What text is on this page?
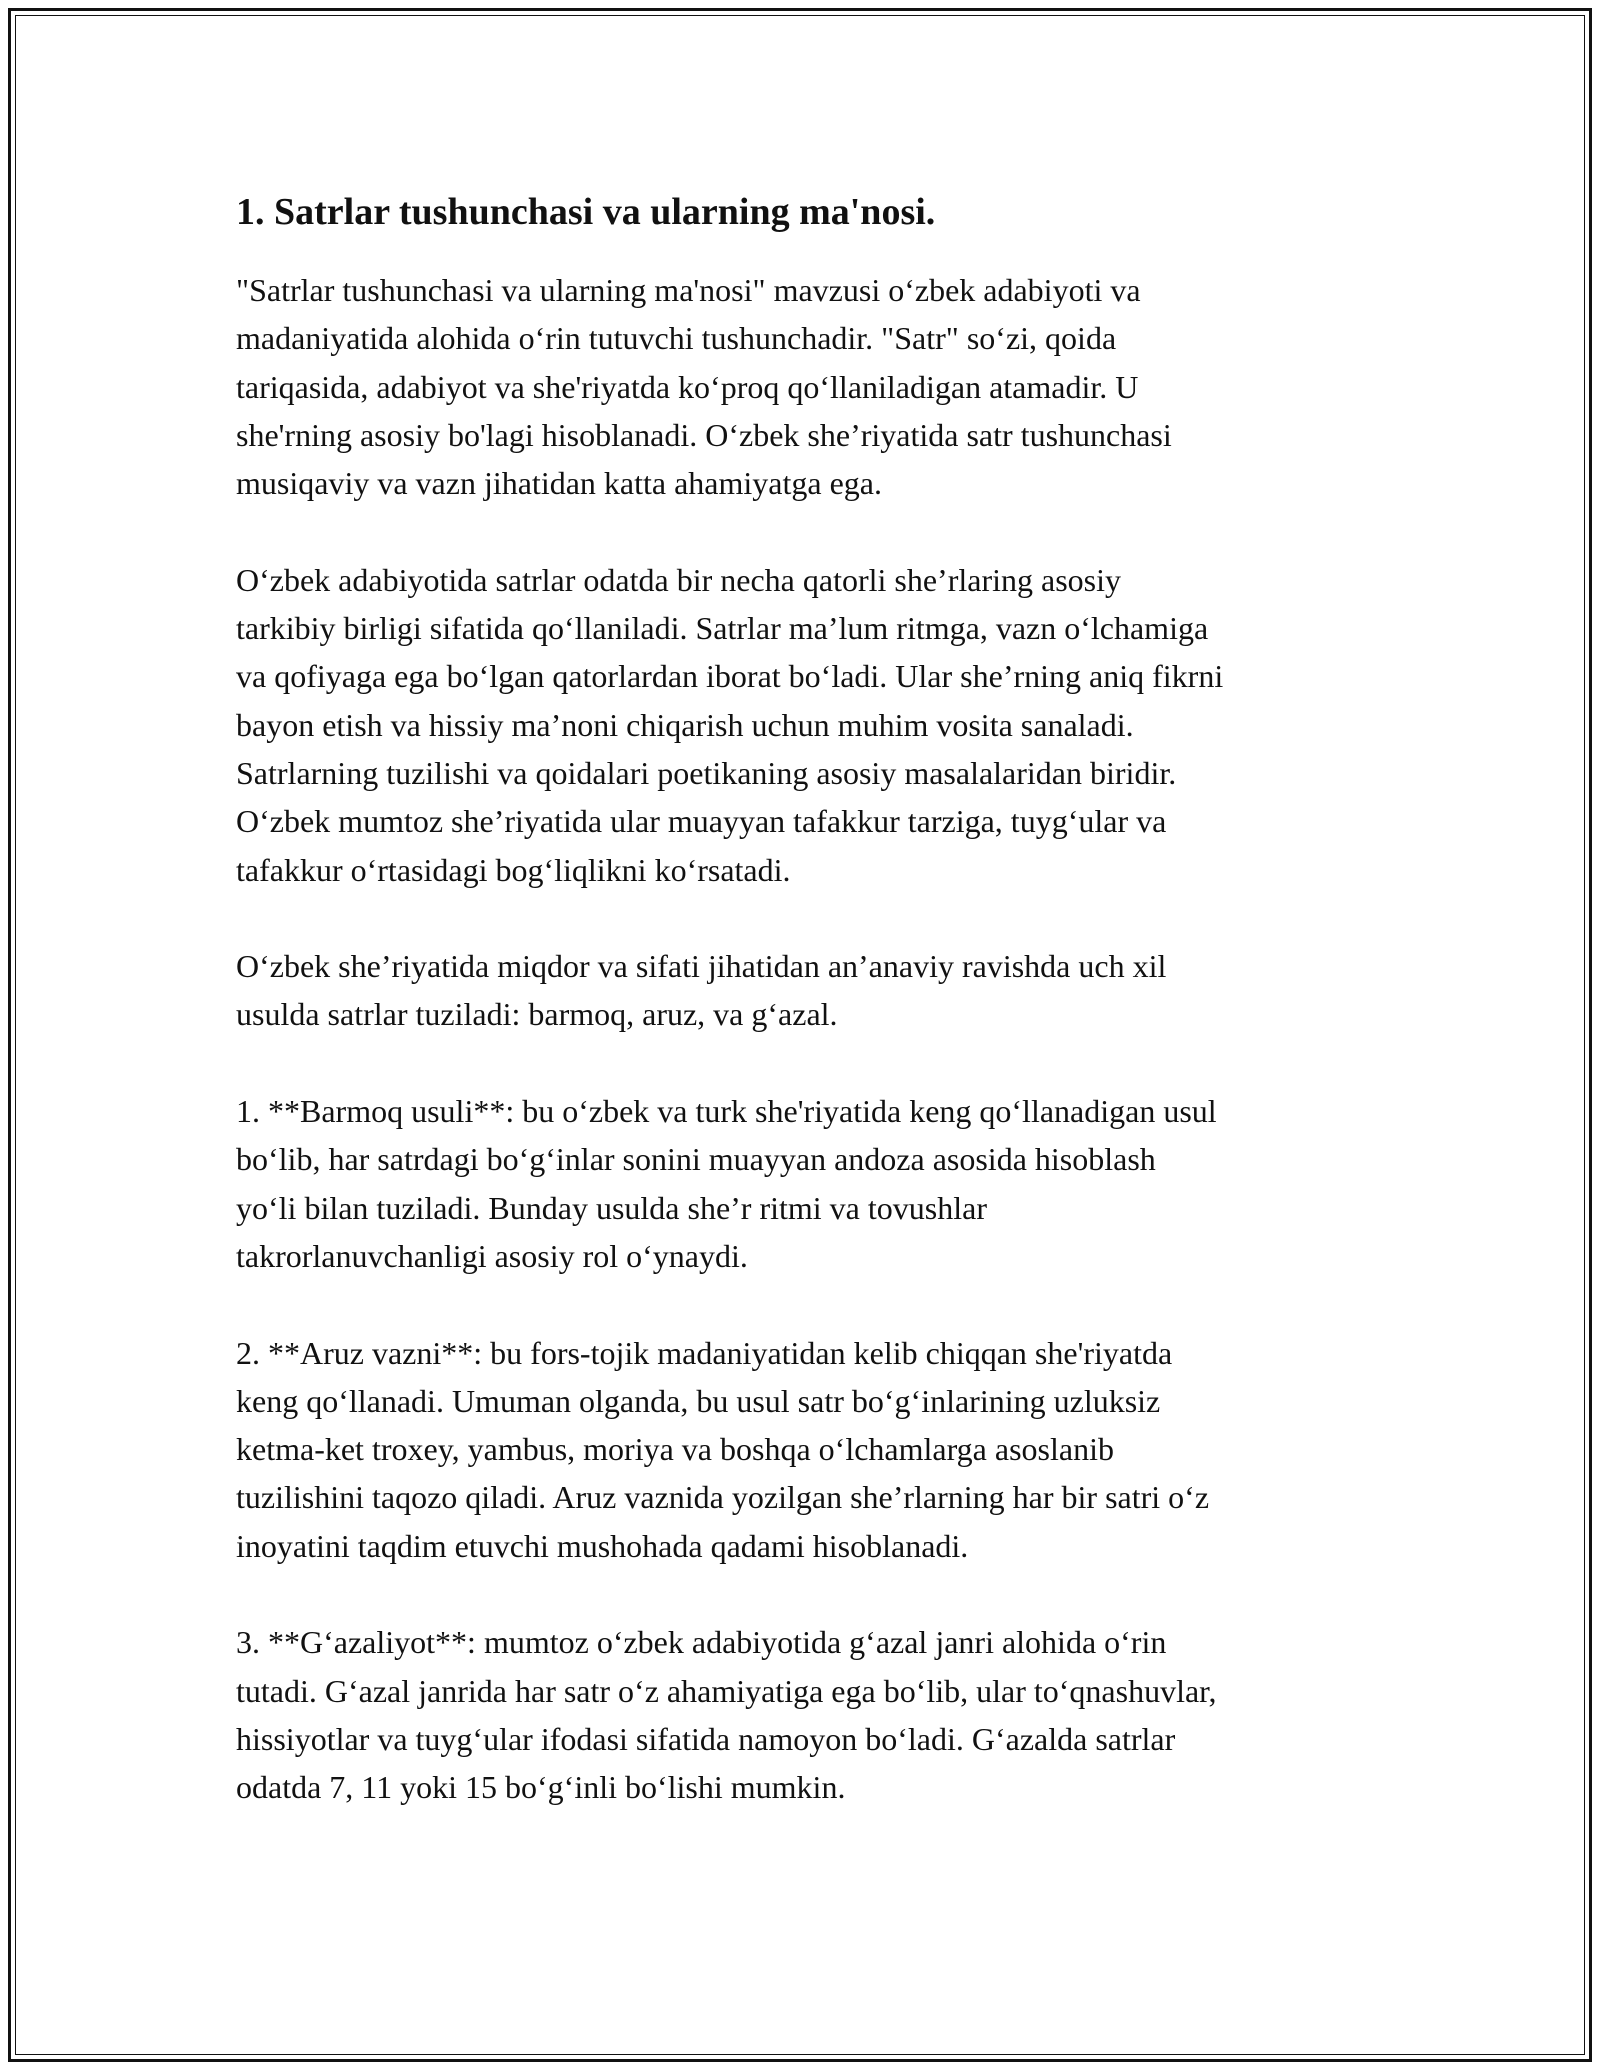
1. Satrlar tushunchasi va ularning ma'nosi.

"Satrlar tushunchasi va ularning ma'nosi" mavzusi o‘zbek adabiyoti va
madaniyatida alohida o‘rin tutuvchi tushunchadir. "Satr" so‘zi, qoida
tariqasida, adabiyot va she'riyatda ko‘proq qo‘llaniladigan atamadir. U
she'rning asosiy bo'lagi hisoblanadi. O‘zbek she’riyatida satr tushunchasi
musiqaviy va vazn jihatidan katta ahamiyatga ega.

O‘zbek adabiyotida satrlar odatda bir necha qatorli she’rlaring asosiy
tarkibiy birligi sifatida qo‘llaniladi. Satrlar ma’lum ritmga, vazn o‘lchamiga
va qofiyaga ega bo‘lgan qatorlardan iborat bo‘ladi. Ular she’rning aniq fikrni
bayon etish va hissiy ma’noni chiqarish uchun muhim vosita sanaladi.
Satrlarning tuzilishi va qoidalari poetikaning asosiy masalalaridan biridir.
O‘zbek mumtoz she’riyatida ular muayyan tafakkur tarziga, tuyg‘ular va
tafakkur o‘rtasidagi bog‘liqlikni ko‘rsatadi.

O‘zbek she’riyatida miqdor va sifati jihatidan an’anaviy ravishda uch xil
usulda satrlar tuziladi: barmoq, aruz, va g‘azal.

1. **Barmoq usuli**: bu o‘zbek va turk she'riyatida keng qo‘llanadigan usul
bo‘lib, har satrdagi bo‘g‘inlar sonini muayyan andoza asosida hisoblash
yo‘li bilan tuziladi. Bunday usulda she’r ritmi va tovushlar
takrorlanuvchanligi asosiy rol o‘ynaydi.

2. **Aruz vazni**: bu fors-tojik madaniyatidan kelib chiqqan she'riyatda
keng qo‘llanadi. Umuman olganda, bu usul satr bo‘g‘inlarining uzluksiz
ketma-ket troxey, yambus, moriya va boshqa o‘lchamlarga asoslanib
tuzilishini taqozo qiladi. Aruz vaznida yozilgan she’rlarning har bir satri o‘z
inoyatini taqdim etuvchi mushohada qadami hisoblanadi.

3. **G‘azaliyot**: mumtoz o‘zbek adabiyotida g‘azal janri alohida o‘rin
tutadi. G‘azal janrida har satr o‘z ahamiyatiga ega bo‘lib, ular to‘qnashuvlar,
hissiyotlar va tuyg‘ular ifodasi sifatida namoyon bo‘ladi. G‘azalda satrlar
odatda 7, 11 yoki 15 bo‘g‘inli bo‘lishi mumkin.
